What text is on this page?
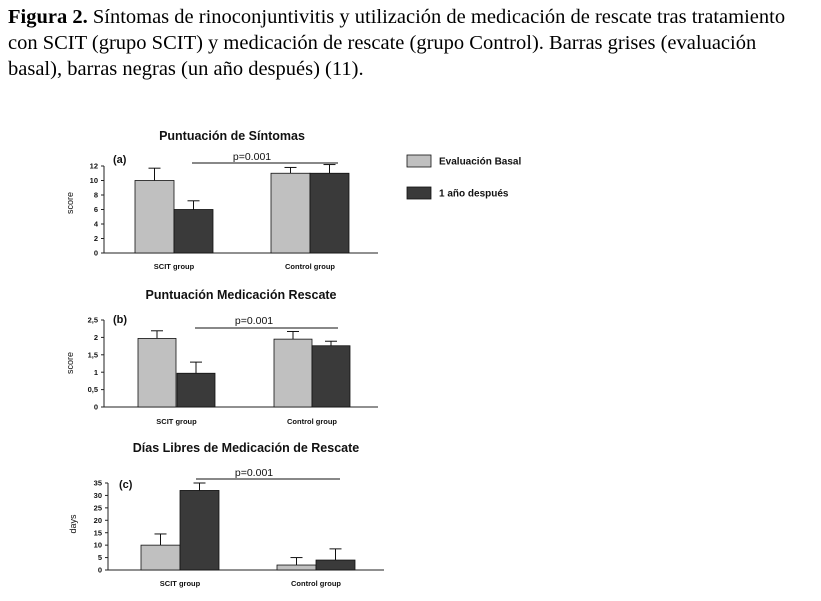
Figura 2. Síntomas de rinoconjuntivitis y utilización de medicación de rescate tras tratamiento con SCIT (grupo SCIT) y medicación de rescate (grupo Control). Barras grises (evaluación basal), barras negras (un año después) (11).
Puntuación de Síntomas
0
2
4
6
8
10
12
score
(a)
SCIT group	Control group
p=0.001
Puntuación Medicación Rescate
0
0,5
1
1,5
2
2,5
score
(b)
SCIT group	Control group
p=0.001
Días Libres de Medicación de Rescate
0
5
10
15
20
25
30
35
days
(c)
SCIT group	Control group
p=0.001
Evaluación Basal
1 año después
